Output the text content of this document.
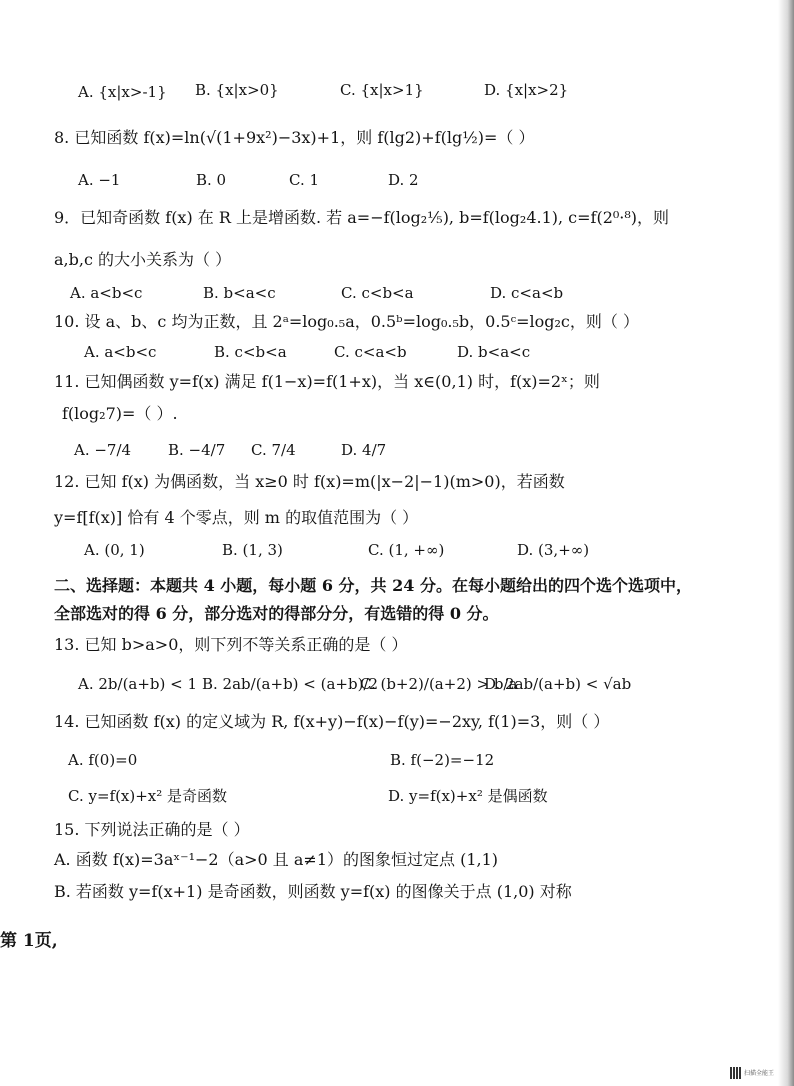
A. {x|x>-1} B. {x|x>0}	C. {x|x>1}	D. {x|x>2}
8. 已知函数 f(x)=ln(√(1+9x²)−3x)+1，则 f(lg2)+f(lg½)=（ ）
A. −1	B. 0	C. 1	D. 2
9．已知奇函数 f(x) 在 R 上是增函数. 若 a=−f(log₂⅕), b=f(log₂4.1), c=f(2⁰·⁸)，则
a,b,c 的大小关系为（ ）
A. a<b<c	B. b<a<c	C. c<b<a	D. c<a<b
10. 设 a、b、c 均为正数，且 2ᵃ=log₀.₅a，0.5ᵇ=log₀.₅b，0.5ᶜ=log₂c，则（ ）
A. a<b<c	B. c<b<a	C. c<a<b	D. b<a<c
11. 已知偶函数 y=f(x) 满足 f(1−x)=f(1+x)，当 x∈(0,1) 时，f(x)=2ˣ；则
f(log₂7)=（ ）.
A. −7/4 B. −4/7 C. 7/4	D. 4/7
12. 已知 f(x) 为偶函数，当 x≥0 时 f(x)=m(|x−2|−1)(m>0)，若函数
y=f[f(x)] 恰有 4 个零点，则 m 的取值范围为（ ）
A. (0, 1)	B. (1, 3)	C. (1, +∞)	D. (3,+∞)
二、选择题：本题共 4 小题，每小题 6 分，共 24 分。在每小题给出的四个选个选项中，
全部选对的得 6 分，部分选对的得部分分，有选错的得 0 分。
13. 已知 b>a>0，则下列不等关系正确的是（ ）
A. 2b/(a+b) < 1 B. 2ab/(a+b) < (a+b)/2
C. (b+2)/(a+2) > b/a
D. 2ab/(a+b) < √ab
14. 已知函数 f(x) 的定义域为 R, f(x+y)−f(x)−f(y)=−2xy, f(1)=3，则（ ）
A. f(0)=0	B. f(−2)=−12
C. y=f(x)+x² 是奇函数	D. y=f(x)+x² 是偶函数
15. 下列说法正确的是（ ）
A. 函数 f(x)=3aˣ⁻¹−2（a>0 且 a≠1）的图象恒过定点 (1,1)
B. 若函数 y=f(x+1) 是奇函数，则函数 y=f(x) 的图像关于点 (1,0) 对称
第 1页,
扫描全能王
